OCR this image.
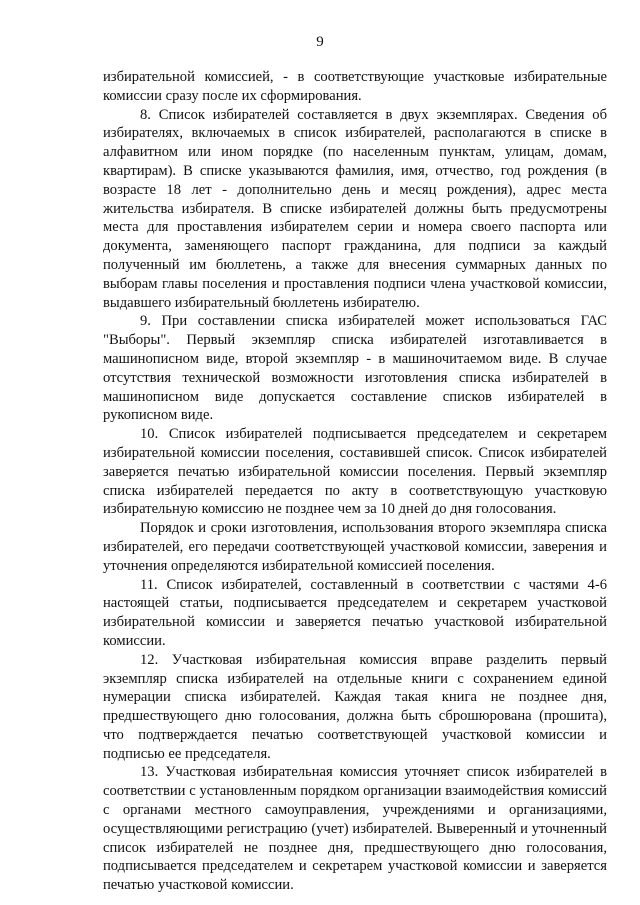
9

избирательной комиссией, - в соответствующие участковые избирательные комиссии сразу после их сформирования.

8. Список избирателей составляется в двух экземплярах. Сведения об избирателях, включаемых в список избирателей, располагаются в списке в алфавитном или ином порядке (по населенным пунктам, улицам, домам, квартирам). В списке указываются фамилия, имя, отчество, год рождения (в возрасте 18 лет - дополнительно день и месяц рождения), адрес места жительства избирателя. В списке избирателей должны быть предусмотрены места для проставления избирателем серии и номера своего паспорта или документа, заменяющего паспорт гражданина, для подписи за каждый полученный им бюллетень, а также для внесения суммарных данных по выборам главы поселения и проставления подписи члена участковой комиссии, выдавшего избирательный бюллетень избирателю.

9. При составлении списка избирателей может использоваться ГАС "Выборы". Первый экземпляр списка избирателей изготавливается в машинописном виде, второй экземпляр - в машиночитаемом виде. В случае отсутствия технической возможности изготовления списка избирателей в машинописном виде допускается составление списков избирателей в рукописном виде.

10. Список избирателей подписывается председателем и секретарем избирательной комиссии поселения, составившей список. Список избирателей заверяется печатью избирательной комиссии поселения. Первый экземпляр списка избирателей передается по акту в соответствующую участковую избирательную комиссию не позднее чем за 10 дней до дня голосования.

Порядок и сроки изготовления, использования второго экземпляра списка избирателей, его передачи соответствующей участковой комиссии, заверения и уточнения определяются избирательной комиссией поселения.

11. Список избирателей, составленный в соответствии с частями 4-6 настоящей статьи, подписывается председателем и секретарем участковой избирательной комиссии и заверяется печатью участковой избирательной комиссии.

12. Участковая избирательная комиссия вправе разделить первый экземпляр списка избирателей на отдельные книги с сохранением единой нумерации списка избирателей. Каждая такая книга не позднее дня, предшествующего дню голосования, должна быть сброшюрована (прошита), что подтверждается печатью соответствующей участковой комиссии и подписью ее председателя.

13. Участковая избирательная комиссия уточняет список избирателей в соответствии с установленным порядком организации взаимодействия комиссий с органами местного самоуправления, учреждениями и организациями, осуществляющими регистрацию (учет) избирателей. Выверенный и уточненный список избирателей не позднее дня, предшествующего дню голосования, подписывается председателем и секретарем участковой комиссии и заверяется печатью участковой комиссии.
